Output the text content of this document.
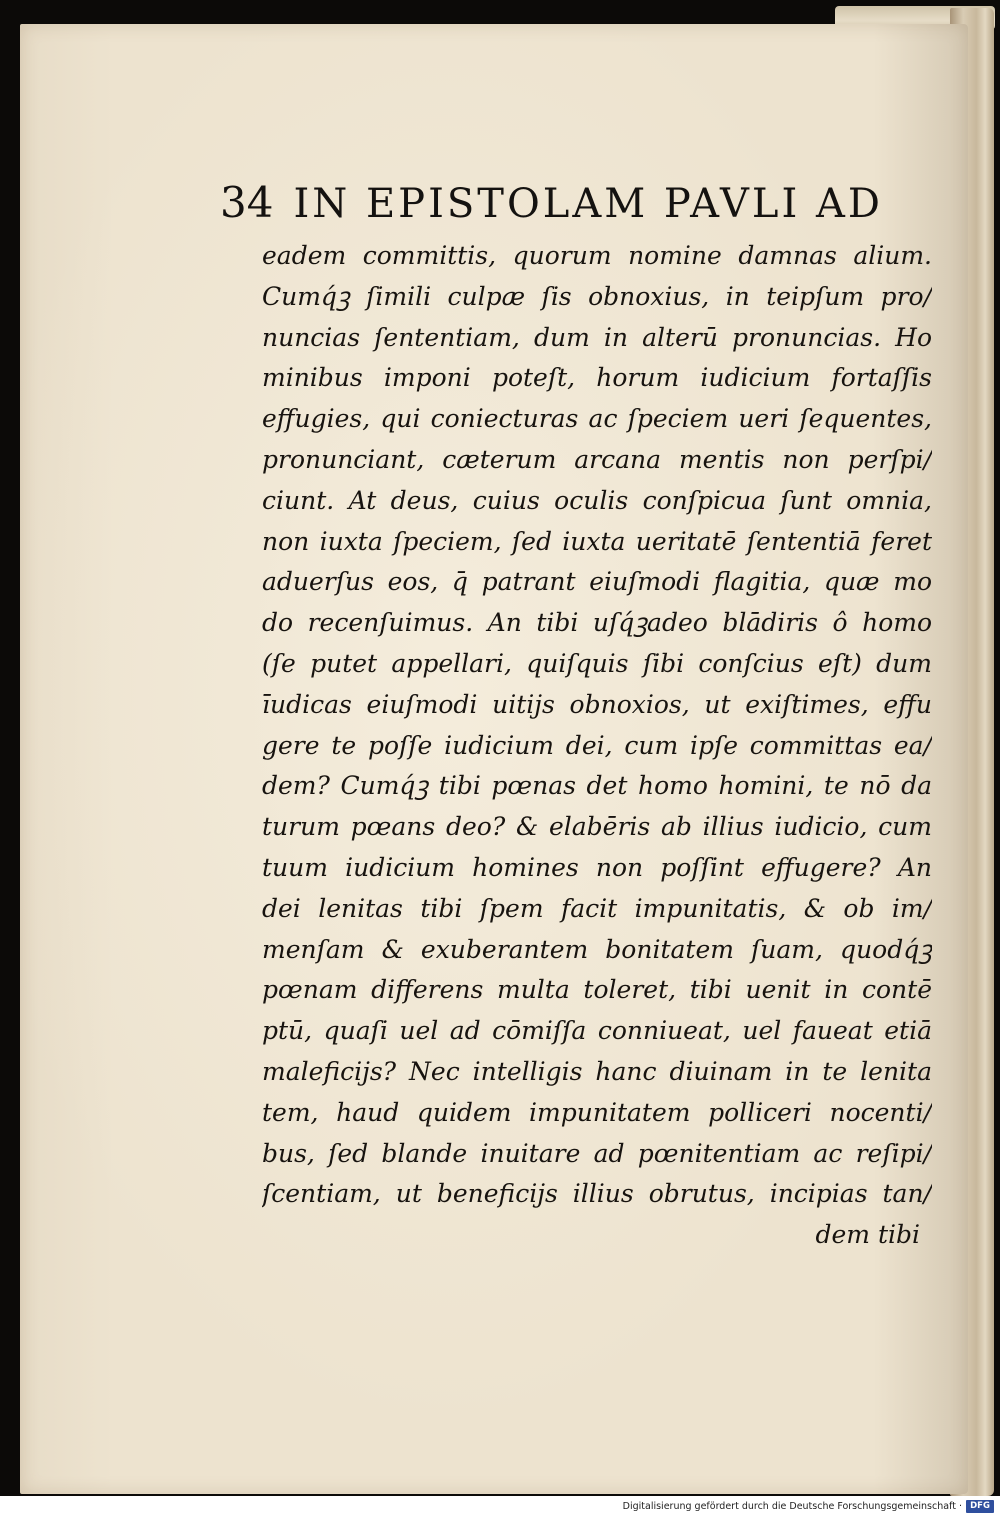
34 IN EPISTOLAM PAVLI AD
eadem committis, quorum nomine damnas alium.
Cumq́ꝫ ſimili culpæ ſis obnoxius, in teipſum pro/
nuncias ſententiam, dum in alterū pronuncias. Ho
minibus imponi poteſt, horum iudicium fortaſſis
effugies, qui coniecturas ac ſpeciem ueri ſequentes,
pronunciant, cæterum arcana mentis non perſpi/
ciunt. At deus, cuius oculis conſpicua ſunt omnia,
non iuxta ſpeciem, ſed iuxta ueritatē ſententiā feret
aduerſus eos, q̄ patrant eiuſmodi flagitia, quæ mo
do recenſuimus. An tibi uſq́ꝫadeo blādiris ô homo
(ſe putet appellari, quiſquis ſibi conſcius eſt) dum
īudicas eiuſmodi uitijs obnoxios, ut exiſtimes, effu
gere te poſſe iudicium dei, cum ipſe committas ea/
dem? Cumq́ꝫ tibi pœnas det homo homini, te nō da
turum pœans deo? & elabēris ab illius iudicio, cum
tuum iudicium homines non poſſint effugere? An
dei lenitas tibi ſpem facit impunitatis, & ob im/
menſam & exuberantem bonitatem ſuam, quodq́ꝫ
pœnam differens multa toleret, tibi uenit in contē
ptū, quaſi uel ad cōmiſſa conniueat, uel faueat etiā
maleficijs? Nec intelligis hanc diuinam in te lenita
tem, haud quidem impunitatem polliceri nocenti/
bus, ſed blande inuitare ad pœnitentiam ac reſipi/
ſcentiam, ut beneficijs illius obrutus, incipias tan/
dem tibi
Digitalisierung gefördert durch die Deutsche Forschungsgemeinschaft · DFG
